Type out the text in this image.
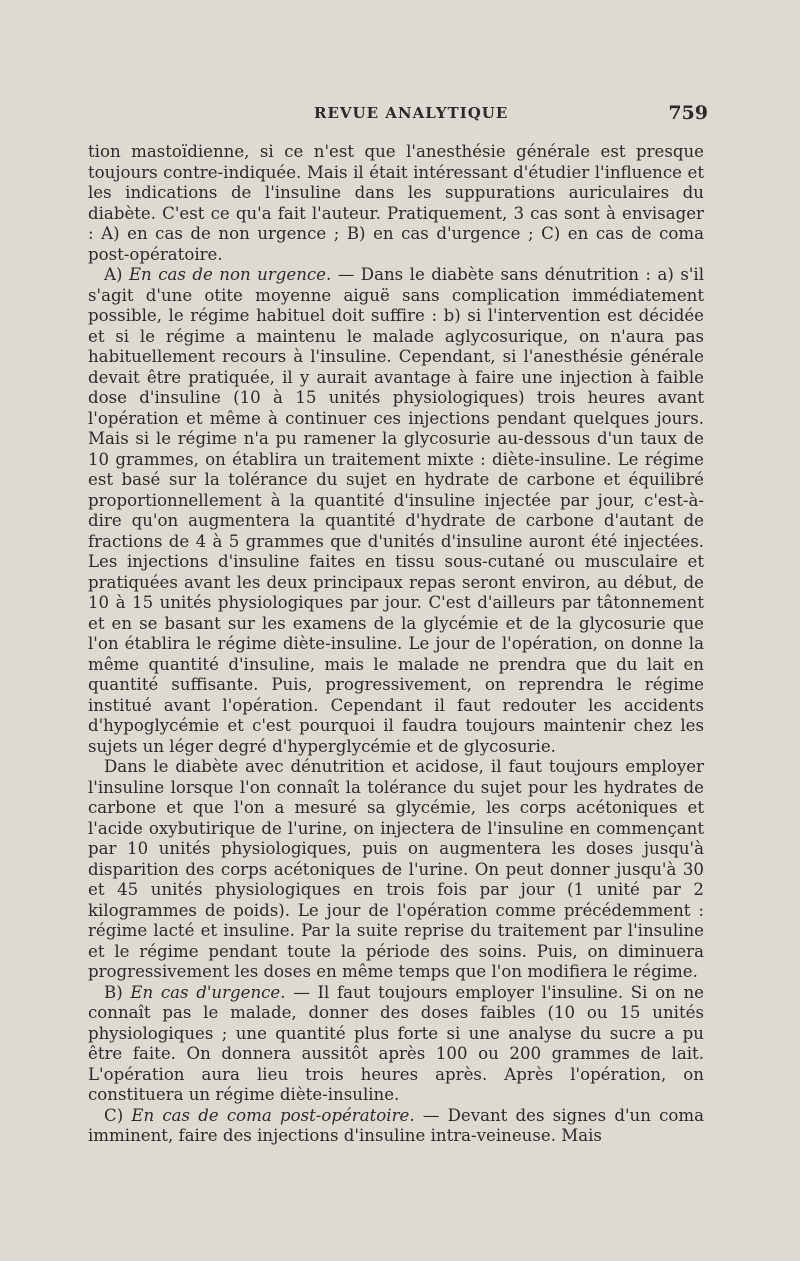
REVUE ANALYTIQUE	759

tion mastoïdienne, si ce n'est que l'anesthésie générale est presque toujours contre-indiquée. Mais il était intéressant d'étudier l'influence et les indications de l'insuline dans les suppurations auriculaires du diabète. C'est ce qu'a fait l'auteur. Pratiquement, 3 cas sont à envisager : A) en cas de non urgence ; B) en cas d'urgence ; C) en cas de coma post-opératoire.

A) En cas de non urgence. — Dans le diabète sans dénutrition : a) s'il s'agit d'une otite moyenne aiguë sans complication immédiatement possible, le régime habituel doit suffire : b) si l'intervention est décidée et si le régime a maintenu le malade aglycosurique, on n'aura pas habituellement recours à l'insuline. Cependant, si l'anesthésie générale devait être pratiquée, il y aurait avantage à faire une injection à faible dose d'insuline (10 à 15 unités physiologiques) trois heures avant l'opération et même à continuer ces injections pendant quelques jours. Mais si le régime n'a pu ramener la glycosurie au-dessous d'un taux de 10 grammes, on établira un traitement mixte : diète-insuline. Le régime est basé sur la tolérance du sujet en hydrate de carbone et équilibré proportionnellement à la quantité d'insuline injectée par jour, c'est-à-dire qu'on augmentera la quantité d'hydrate de carbone d'autant de fractions de 4 à 5 grammes que d'unités d'insuline auront été injectées. Les injections d'insuline faites en tissu sous-cutané ou musculaire et pratiquées avant les deux principaux repas seront environ, au début, de 10 à 15 unités physiologiques par jour. C'est d'ailleurs par tâtonnement et en se basant sur les examens de la glycémie et de la glycosurie que l'on établira le régime diète-insuline. Le jour de l'opération, on donne la même quantité d'insuline, mais le malade ne prendra que du lait en quantité suffisante. Puis, progressivement, on reprendra le régime institué avant l'opération. Cependant il faut redouter les accidents d'hypoglycémie et c'est pourquoi il faudra toujours maintenir chez les sujets un léger degré d'hyperglycémie et de glycosurie.

Dans le diabète avec dénutrition et acidose, il faut toujours employer l'insuline lorsque l'on connaît la tolérance du sujet pour les hydrates de carbone et que l'on a mesuré sa glycémie, les corps acétoniques et l'acide oxybutirique de l'urine, on injectera de l'insuline en commençant par 10 unités physiologiques, puis on augmentera les doses jusqu'à disparition des corps acétoniques de l'urine. On peut donner jusqu'à 30 et 45 unités physiologiques en trois fois par jour (1 unité par 2 kilogrammes de poids). Le jour de l'opération comme précédemment : régime lacté et insuline. Par la suite reprise du traitement par l'insuline et le régime pendant toute la période des soins. Puis, on diminuera progressivement les doses en même temps que l'on modifiera le régime.

B) En cas d'urgence. — Il faut toujours employer l'insuline. Si on ne connaît pas le malade, donner des doses faibles (10 ou 15 unités physiologiques ; une quantité plus forte si une analyse du sucre a pu être faite. On donnera aussitôt après 100 ou 200 grammes de lait. L'opération aura lieu trois heures après. Après l'opération, on constituera un régime diète-insuline.

C) En cas de coma post-opératoire. — Devant des signes d'un coma imminent, faire des injections d'insuline intra-veineuse. Mais
